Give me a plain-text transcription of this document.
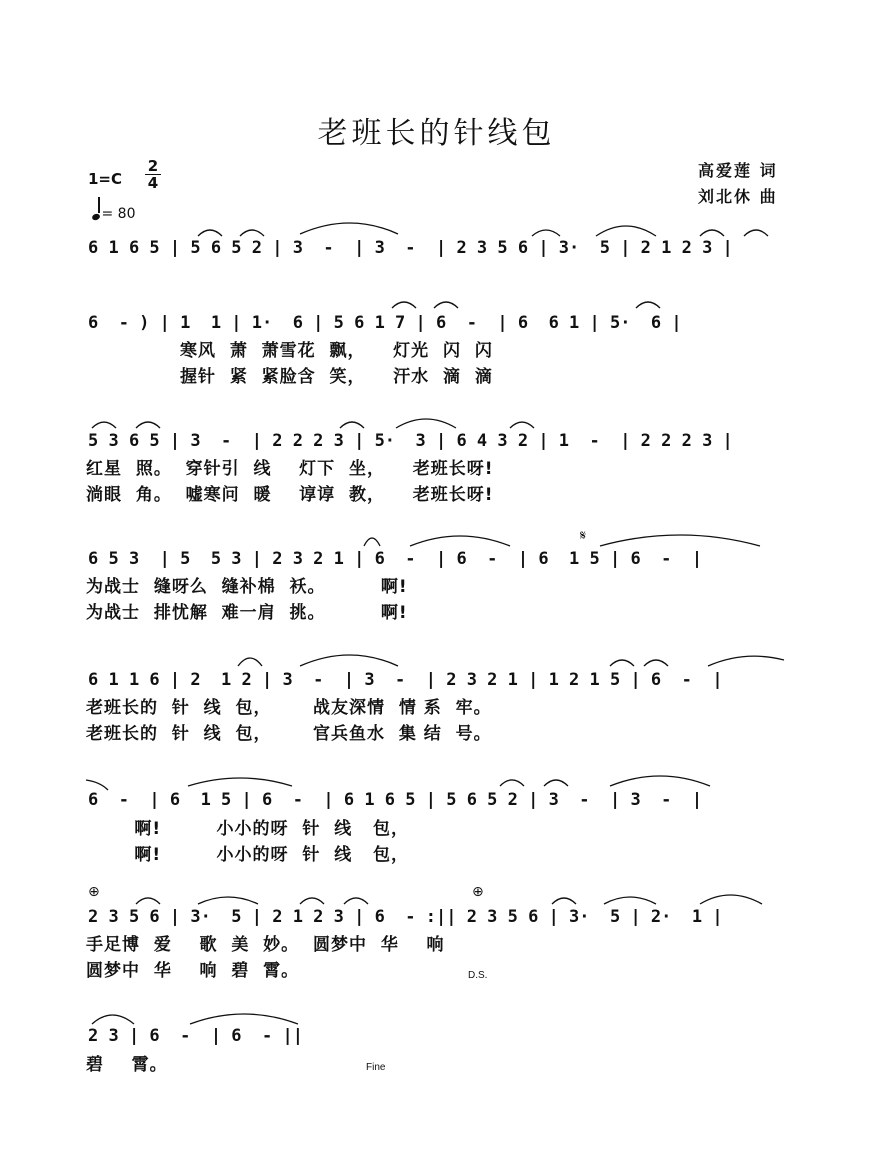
老班长的针线包
高爱莲 词
刘北休 曲
1=C
2
4
= 80
6 1 6 5 | 5 6 5 2 | 3  -  | 3  -  | 2 3 5 6 | 3·  5 | 2 1 2 3 |
6  - ) | 1  1 | 1·  6 | 5 6 1 7 | 6  -  | 6  6 1 | 5·  6 |
寒风  萧  萧雪花  飘，    灯光  闪  闪
握针  紧  紧脸含  笑，    汗水  滴  滴
5 3 6 5 | 3  -  | 2 2 2 3 | 5·  3 | 6 4 3 2 | 1  -  | 2 2 2 3 |
红星  照。  穿针引  线    灯下  坐，    老班长呀!
淌眼  角。  嘘寒问  暖    谆谆  教，    老班长呀!
𝄋
6 5 3  | 5  5 3 | 2 3 2 1 | 6  -  | 6  -  | 6  1 5 | 6  -  |
为战士  缝呀么  缝补棉  袄。        啊!
为战士  排忧解  难一肩  挑。        啊!
6 1 1 6 | 2  1 2 | 3  -  | 3  -  | 2 3 2 1 | 1 2 1 5 | 6  -  |
老班长的  针  线  包，      战友深情  情 系  牢。
老班长的  针  线  包，      官兵鱼水  集 结  号。
6  -  | 6  1 5 | 6  -  | 6 1 6 5 | 5 6 5 2 | 3  -  | 3  -  |
啊!        小小的呀  针  线   包，
啊!        小小的呀  针  线   包，
⊕	⊕
2 3 5 6 | 3·  5 | 2 1 2 3 | 6  - :|| 2 3 5 6 | 3·  5 | 2·  1 |
手足博  爱    歌  美  妙。  圆梦中  华    响
圆梦中  华    响  碧  霄。	D.S.
2 3 | 6  -  | 6  - ||
碧    霄。	Fine
